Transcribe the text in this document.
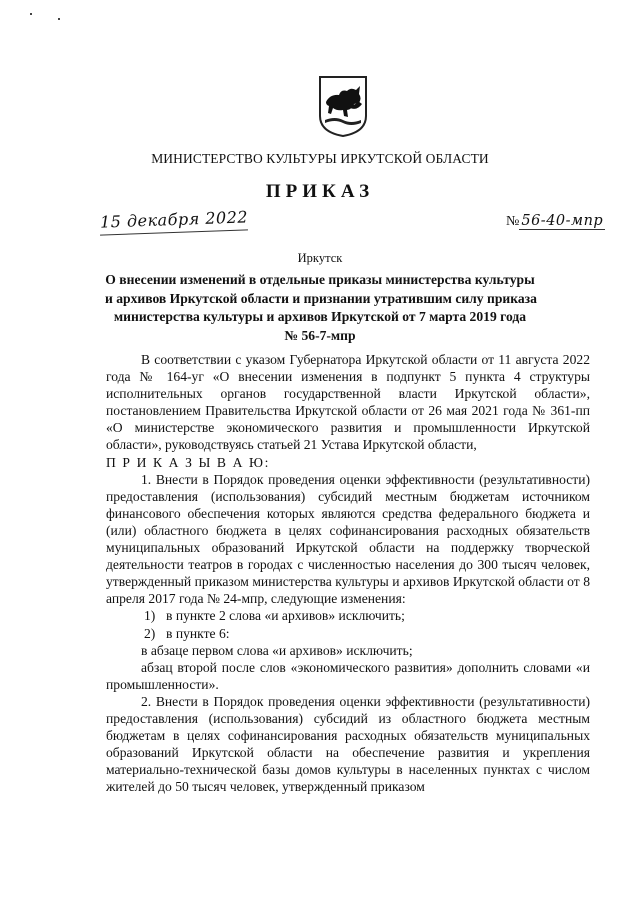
МИНИСТЕРСТВО КУЛЬТУРЫ ИРКУТСКОЙ ОБЛАСТИ
ПРИКАЗ
15 декабря 2022	№ 56-40-мпр
Иркутск

О внесении изменений в отдельные приказы министерства культуры
и архивов Иркутской области и признании утратившим силу приказа
министерства культуры и архивов Иркутской от 7 марта 2019 года
№ 56-7-мпр

В соответствии с указом Губернатора Иркутской области от 11 августа 2022 года № 164-уг «О внесении изменения в подпункт 5 пункта 4 структуры исполнительных органов государственной власти Иркутской области», постановлением Правительства Иркутской области от 26 мая 2021 года № 361-пп «О министерстве экономического развития и промышленности Иркутской области», руководствуясь статьей 21 Устава Иркутской области,

П Р И К А З Ы В А Ю:

1. Внести в Порядок проведения оценки эффективности (результативности) предоставления (использования) субсидий местным бюджетам источником финансового обеспечения которых являются средства федерального бюджета и (или) областного бюджета в целях софинансирования расходных обязательств муниципальных образований Иркутской области на поддержку творческой деятельности театров в городах с численностью населения до 300 тысяч человек, утвержденный приказом министерства культуры и архивов Иркутской области от 8 апреля 2017 года № 24-мпр, следующие изменения:

1) в пункте 2 слова «и архивов» исключить;

2) в пункте 6:

в абзаце первом слова «и архивов» исключить;

абзац второй после слов «экономического развития» дополнить словами «и промышленности».

2. Внести в Порядок проведения оценки эффективности (результативности) предоставления (использования) субсидий из областного бюджета местным бюджетам в целях софинансирования расходных обязательств муниципальных образований Иркутской области на обеспечение развития и укрепления материально-технической базы домов культуры в населенных пунктах с числом жителей до 50 тысяч человек, утвержденный приказом
